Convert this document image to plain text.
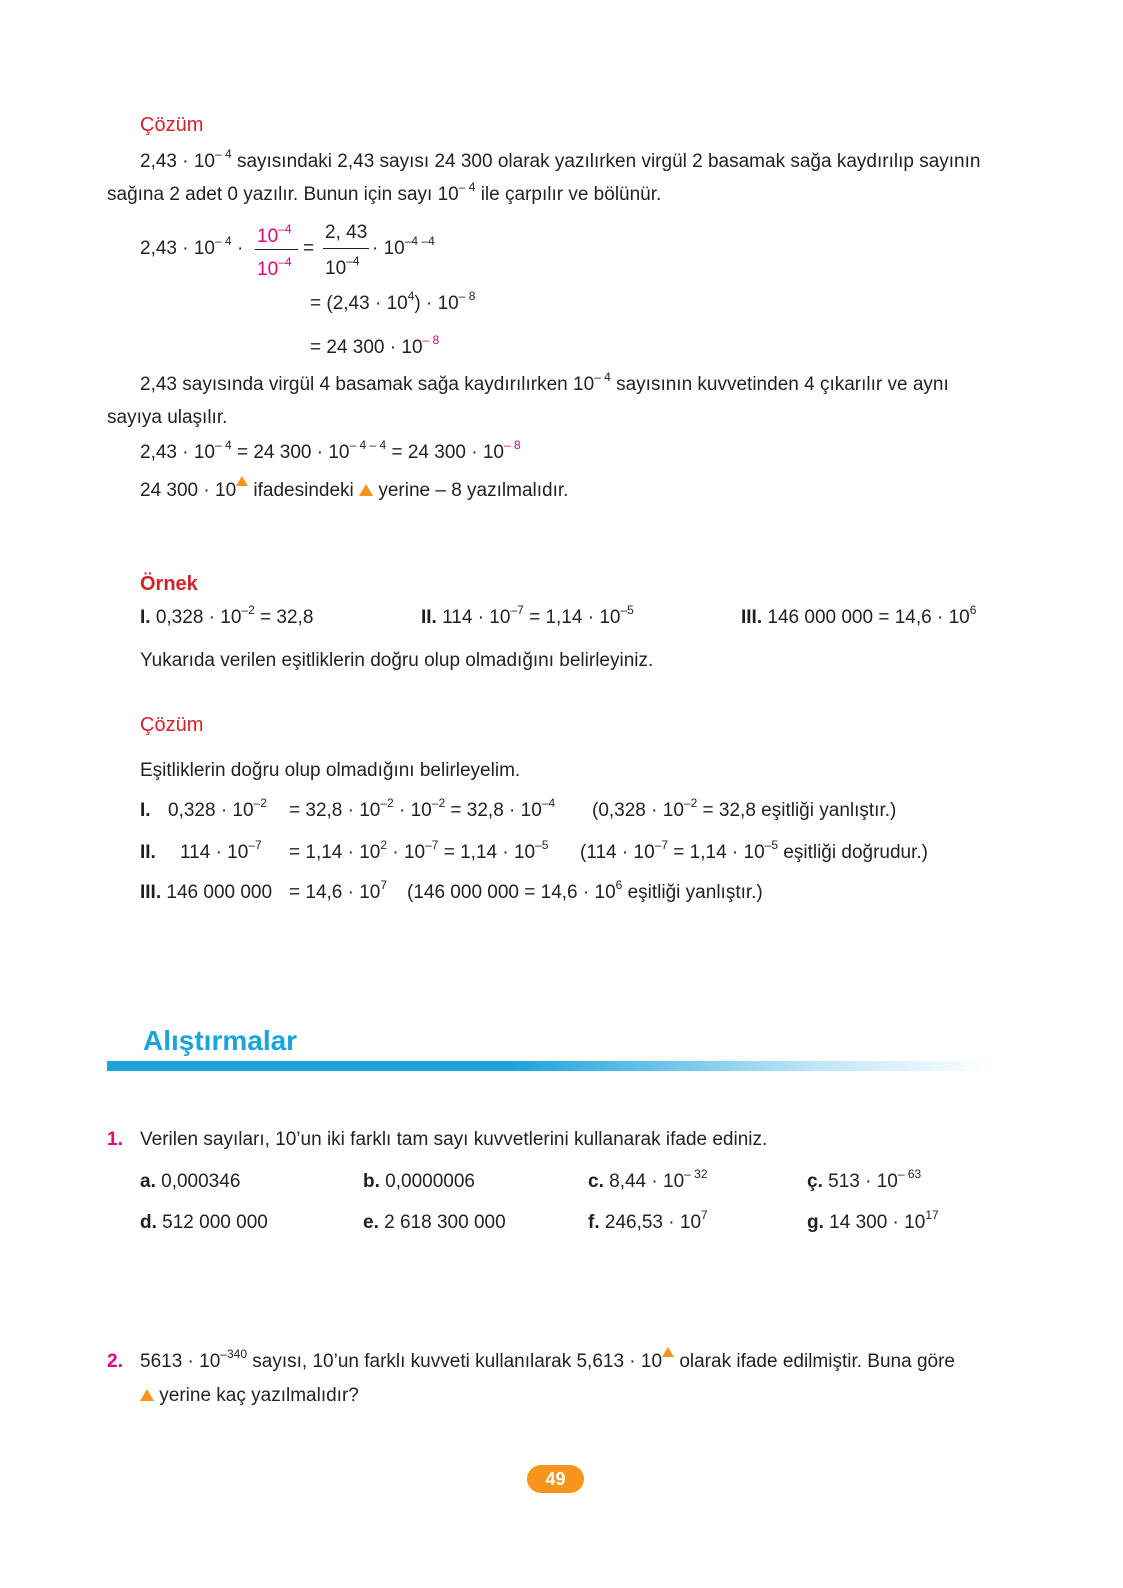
Çözüm
$2,43 \cdot 10^{- 4}$ sayısındaki 2,43 sayısı 24 300 olarak yazılırken virgül 2 basamak sağa kaydırılıp sayının
sağına 2 adet 0 yazılır. Bunun için sayı $10^{- 4}$ ile çarpılır ve bölünür.
$2,43 \cdot 10^{- 4}$ ·
$10^{-4}$
$10^{-4}$
=
2, 43
$10^{-4}$
· $10^{-4 -4}$
= $(2,43 \cdot 10^4) \cdot 10^{- 8}$
= 24 $300 \cdot 10^{- 8}$
2,43 sayısında virgül 4 basamak sağa kaydırılırken $10^{- 4}$ sayısının kuvvetinden 4 çıkarılır ve aynı
sayıya ulaşılır.
$2,43 \cdot 10^{- 4} = 24$ $300 \cdot 10^{- 4 - 4} = 24$ $300 \cdot 10^{- 8}$
24 300 · 10 ifadesindeki  yerine – 8 yazılmalıdır.
Örnek
I. $0,328 \cdot 10^{-2} = 32,8$	II. $114 \cdot 10^{-7} = 1,14 \cdot 10^{-5}$	III. 146 000 $000 = 14,6 \cdot 10^6$
Yukarıda verilen eşitliklerin doğru olup olmadığını belirleyiniz.
Çözüm
Eşitliklerin doğru olup olmadığını belirleyelim.
I. $0,328 \cdot 10^{-2} = 32,8 \cdot 10^{-2} \cdot 10^{-2} = 32,8 \cdot 10^{-4}$ ($0,328 \cdot 10^{-2} = 32,8$ eşitliği yanlıştır.)
II. $114 \cdot 10^{-7} = 1,14 \cdot 10^2 \cdot 10^{-7} = 1,14 \cdot 10^{-5}$ ($114 \cdot 10^{-7} = 1,14 \cdot 10^{-5}$ eşitliği doğrudur.)
III. 146 000 $000 = 14,6 \cdot 10^7$ (146 000 $000 = 14,6 \cdot 10^6$ eşitliği yanlıştır.)
Alıştırmalar
1. Verilen sayıları, 10’un iki farklı tam sayı kuvvetlerini kullanarak ifade ediniz.
a. 0,000346	b. 0,0000006	c. $8,44 \cdot 10^{- 32}$	ç. $513 \cdot 10^{- 63}$
d. 512 000 000	e. 2 618 300 000	f. $246,53 \cdot 10^7$	g. 14 $300 \cdot 10^{17}$
2. $5613 \cdot 10^{-340}$ sayısı, 10’un farklı kuvveti kullanılarak 5,613 · 10 olarak ifade edilmiştir. Buna göre
yerine kaç yazılmalıdır?
49
